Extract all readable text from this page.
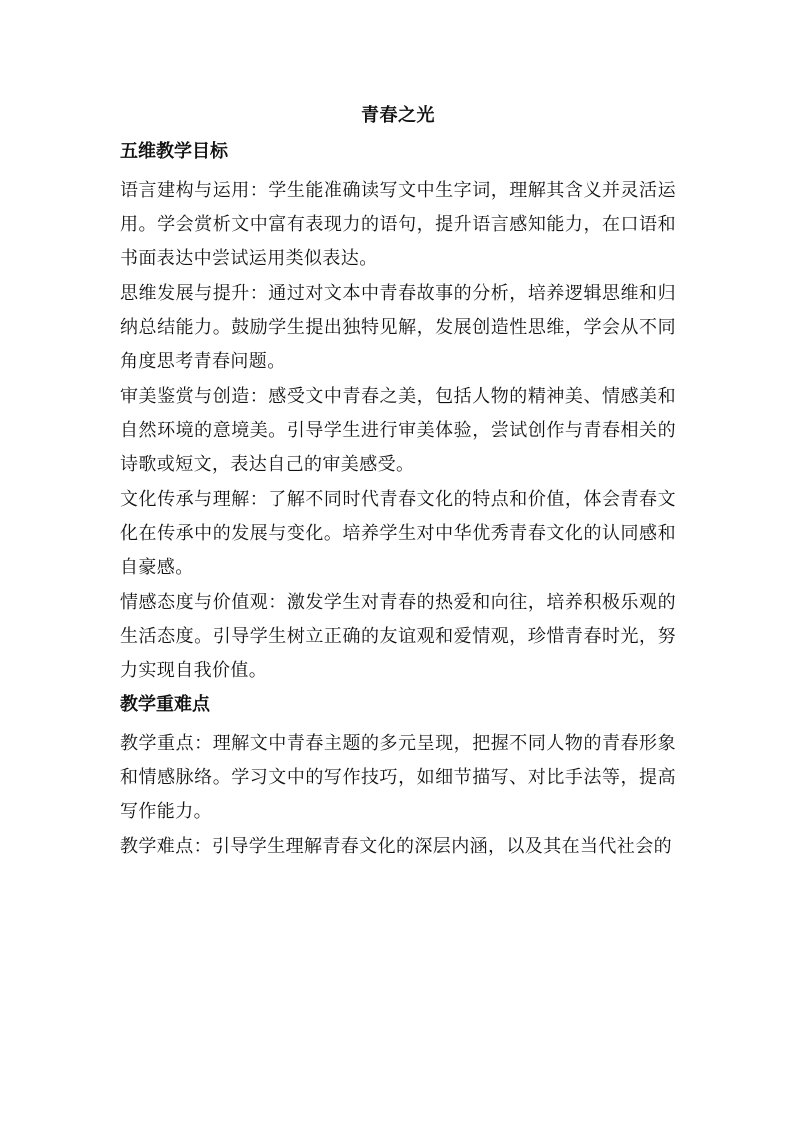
青春之光
五维教学目标

语言建构与运用：学生能准确读写文中生字词，理解其含义并灵活运用。学会赏析文中富有表现力的语句，提升语言感知能力，在口语和书面表达中尝试运用类似表达。

思维发展与提升：通过对文本中青春故事的分析，培养逻辑思维和归纳总结能力。鼓励学生提出独特见解，发展创造性思维，学会从不同角度思考青春问题。

审美鉴赏与创造：感受文中青春之美，包括人物的精神美、情感美和自然环境的意境美。引导学生进行审美体验，尝试创作与青春相关的诗歌或短文，表达自己的审美感受。

文化传承与理解：了解不同时代青春文化的特点和价值，体会青春文化在传承中的发展与变化。培养学生对中华优秀青春文化的认同感和自豪感。

情感态度与价值观：激发学生对青春的热爱和向往，培养积极乐观的生活态度。引导学生树立正确的友谊观和爱情观，珍惜青春时光，努力实现自我价值。

教学重难点

教学重点：理解文中青春主题的多元呈现，把握不同人物的青春形象和情感脉络。学习文中的写作技巧，如细节描写、对比手法等，提高写作能力。

教学难点：引导学生理解青春文化的深层内涵，以及其在当代社会的
